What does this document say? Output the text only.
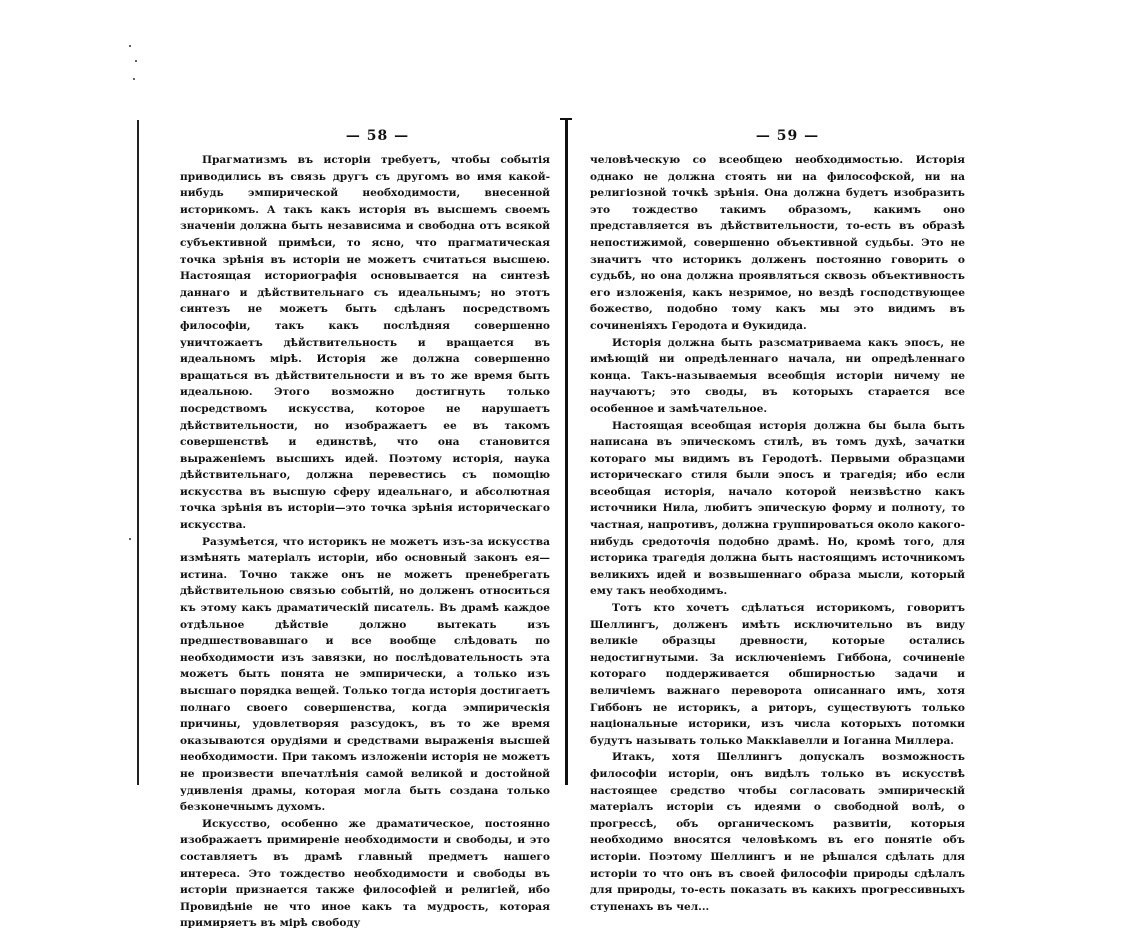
— 58 —

Прагматизмъ въ исторіи требуетъ, чтобы событія приводились въ связь другъ съ другомъ во имя какой-нибудь эмпирической необходимости, внесенной историкомъ. А такъ какъ исторія въ высшемъ своемъ значеніи должна быть независима и свободна отъ всякой субъективной примѣси, то ясно, что прагматическая точка зрѣнія въ исторіи не можетъ считаться высшею. Настоящая историографія основывается на синтезѣ даннаго и дѣйствительнаго съ идеальнымъ; но этотъ синтезъ не можетъ быть сдѣланъ посредствомъ философіи, такъ какъ послѣдняя совершенно уничтожаетъ дѣйствительность и вращается въ идеальномъ мірѣ. Исторія же должна совершенно вращаться въ дѣйствительности и въ то же время быть идеальною. Этого возможно достигнуть только посредствомъ искусства, которое не нарушаетъ дѣйствительности, но изображаетъ ее въ такомъ совершенствѣ и единствѣ, что она становится выраженіемъ высшихъ идей. Поэтому исторія, наука дѣйствительнаго, должна перевестись съ помощію искусства въ высшую сферу идеальнаго, и абсолютная точка зрѣнія въ исторіи—это точка зрѣнія историческаго искусства.

Разумѣется, что историкъ не можетъ изъ-за искусства измѣнять матеріалъ исторіи, ибо основный законъ ея—истина. Точно также онъ не можетъ пренебрегать дѣйствительною связью событій, но долженъ относиться къ этому какъ драматическій писатель. Въ драмѣ каждое отдѣльное дѣйствіе должно вытекать изъ предшествовавшаго и все вообще слѣдовать по необходимости изъ завязки, но послѣдовательность эта можетъ быть понята не эмпирически, а только изъ высшаго порядка вещей. Только тогда исторія достигаетъ полнаго своего совершенства, когда эмпирическія причины, удовлетворяя разсудокъ, въ то же время оказываются орудіями и средствами выраженія высшей необходимости. При такомъ изложеніи исторія не можетъ не произвести впечатлѣнія самой великой и достойной удивленія драмы, которая могла быть создана только безконечнымъ духомъ.

Искусство, особенно же драматическое, постоянно изображаетъ примиреніе необходимости и свободы, и это составляетъ въ драмѣ главный предметъ нашего интереса. Это тождество необходимости и свободы въ исторіи признается также философіей и религіей, ибо Провидѣніе не что иное какъ та мудрость, которая примиряетъ въ мірѣ свободу

— 59 —

человѣческую со всеобщею необходимостью. Исторія однако не должна стоять ни на философской, ни на религіозной точкѣ зрѣнія. Она должна будетъ изобразить это тождество такимъ образомъ, какимъ оно представляется въ дѣйствительности, то-есть въ образѣ непостижимой, совершенно объективной судьбы. Это не значитъ что историкъ долженъ постоянно говорить о судьбѣ, но она должна проявляться сквозь объективность его изложенія, какъ незримое, но вездѣ господствующее божество, подобно тому какъ мы это видимъ въ сочиненіяхъ Геродота и Өукидида.

Исторія должна быть разсматриваема какъ эпосъ, не имѣющій ни опредѣленнаго начала, ни опредѣленнаго конца. Такъ-называемыя всеобщія исторіи ничему не научаютъ; это своды, въ которыхъ старается все особенное и замѣчательное.

Настоящая всеобщая исторія должна бы была быть написана въ эпическомъ стилѣ, въ томъ духѣ, зачатки котораго мы видимъ въ Геродотѣ. Первыми образцами историческаго стиля были эпосъ и трагедія; ибо если всеобщая исторія, начало которой неизвѣстно какъ источники Нила, любитъ эпическую форму и полноту, то частная, напротивъ, должна группироваться около какого-нибудь средоточія подобно драмѣ. Но, кромѣ того, для историка трагедія должна быть настоящимъ источникомъ великихъ идей и возвышеннаго образа мысли, который ему такъ необходимъ.

Тотъ кто хочетъ сдѣлаться историкомъ, говоритъ Шеллингъ, долженъ имѣть исключительно въ виду великіе образцы древности, которые остались недостигнутыми. За исключеніемъ Гиббона, сочиненіе котораго поддерживается обширностью задачи и величіемъ важнаго переворота описаннаго имъ, хотя Гиббонъ не историкъ, а риторъ, существуютъ только національные историки, изъ числа которыхъ потомки будутъ называть только Маккіавелли и Іоганна Миллера.

Итакъ, хотя Шеллингъ допускалъ возможность философіи исторіи, онъ видѣлъ только въ искусствѣ настоящее средство чтобы согласовать эмпирическій матеріалъ исторіи съ идеями о свободной волѣ, о прогрессѣ, объ органическомъ развитіи, которыя необходимо вносятся человѣкомъ въ его понятіе объ исторіи. Поэтому Шеллингъ и не рѣшался сдѣлать для исторіи то что онъ въ своей философіи природы сдѣлалъ для природы, то-есть показать въ какихъ прогрессивныхъ ступенахъ въ чел...
